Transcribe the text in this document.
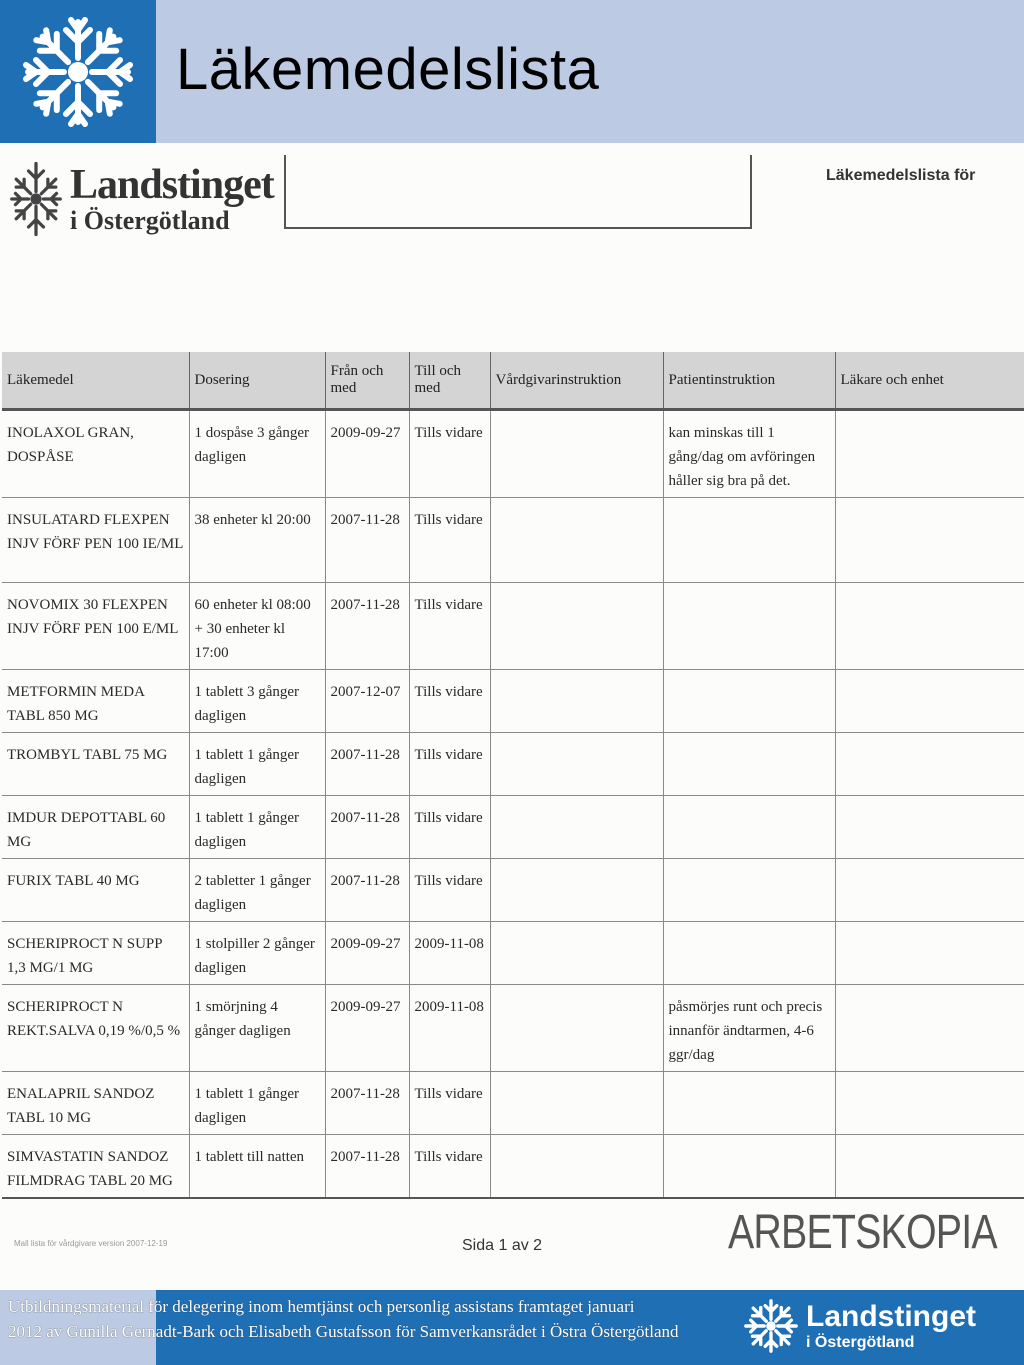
Läkemedelslista
Landstinget
i Östergötland
Läkemedelslista för
Läkemedel	Dosering	Från och med	Till och med	Vårdgivarinstruktion	Patientinstruktion	Läkare och enhet
INOLAXOL GRAN, DOSPÅSE	1 dospåse 3 gånger dagligen	2009-09-27	Tills vidare		kan minskas till 1 gång/dag om avföringen håller sig bra på det.	
INSULATARD FLEXPEN INJV FÖRF PEN 100 IE/ML	38 enheter kl 20:00	2007-11-28	Tills vidare			
NOVOMIX 30 FLEXPEN INJV FÖRF PEN 100 E/ML	60 enheter kl 08:00 + 30 enheter kl 17:00	2007-11-28	Tills vidare			
METFORMIN MEDA TABL 850 MG	1 tablett 3 gånger dagligen	2007-12-07	Tills vidare			
TROMBYL TABL 75 MG	1 tablett 1 gånger dagligen	2007-11-28	Tills vidare			
IMDUR DEPOTTABL 60 MG	1 tablett 1 gånger dagligen	2007-11-28	Tills vidare			
FURIX TABL 40 MG	2 tabletter 1 gånger dagligen	2007-11-28	Tills vidare			
SCHERIPROCT N SUPP 1,3 MG/1 MG	1 stolpiller 2 gånger dagligen	2009-09-27	2009-11-08			
SCHERIPROCT N REKT.SALVA 0,19 %/0,5 %	1 smörjning 4 gånger dagligen	2009-09-27	2009-11-08		påsmörjes runt och precis innanför ändtarmen, 4-6 ggr/dag	
ENALAPRIL SANDOZ TABL 10 MG	1 tablett 1 gånger dagligen	2007-11-28	Tills vidare			
SIMVASTATIN SANDOZ FILMDRAG TABL 20 MG	1 tablett till natten	2007-11-28	Tills vidare			
Mall lista för vårdgivare version 2007-12-19	Sida 1 av 2	ARBETSKOPIA
Utbildningsmaterial för delegering inom hemtjänst och personlig assistans framtaget januari
2012 av Gunilla Gernadt-Bark och Elisabeth Gustafsson för Samverkansrådet i Östra Östergötland	Landstinget
i Östergötland
